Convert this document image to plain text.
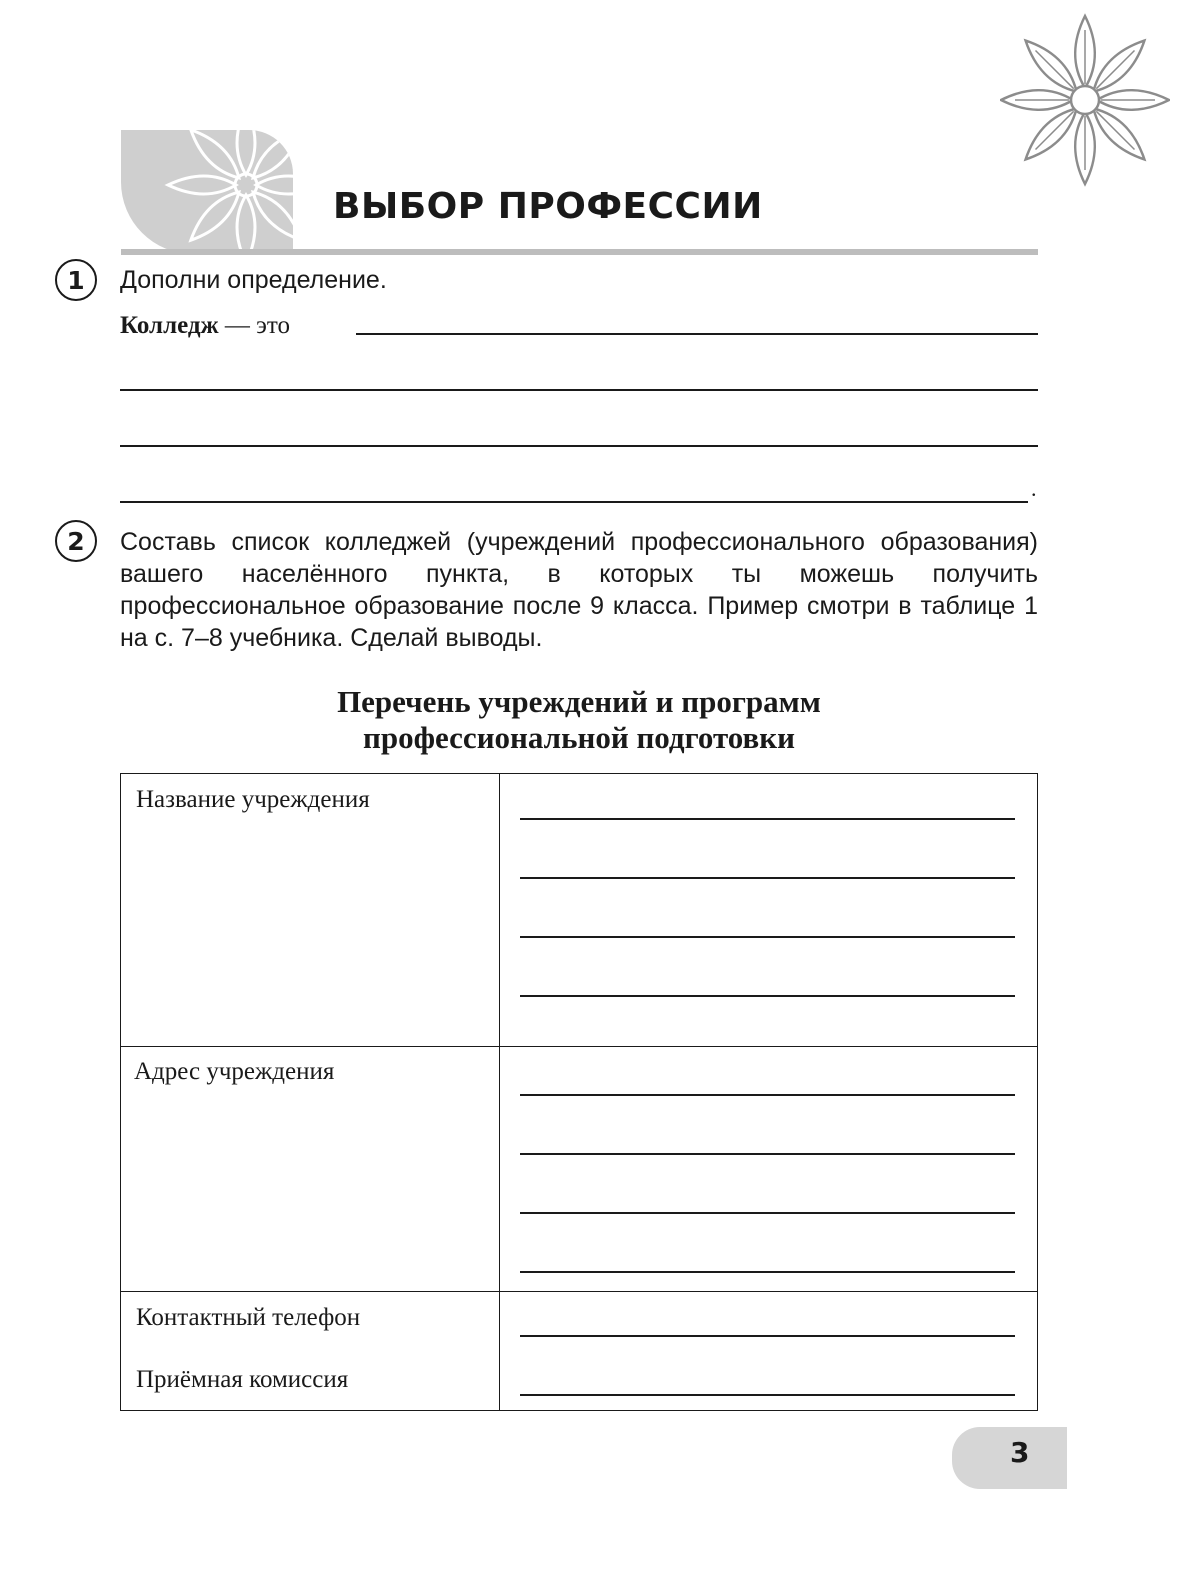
ВЫБОР ПРОФЕССИИ
1	Дополни определение.
Колледж — это
.
2	Составь список колледжей (учреждений профессионального образования) вашего населённого пункта, в которых ты можешь получить профессиональное образование после 9 класса. Пример смотри в таблице 1 на с. 7–8 учебника. Сделай выводы.
Перечень учреждений и программ
профессиональной подготовки
Название учреждения
Адрес учреждения
Контактный телефон
Приёмная комиссия
3
